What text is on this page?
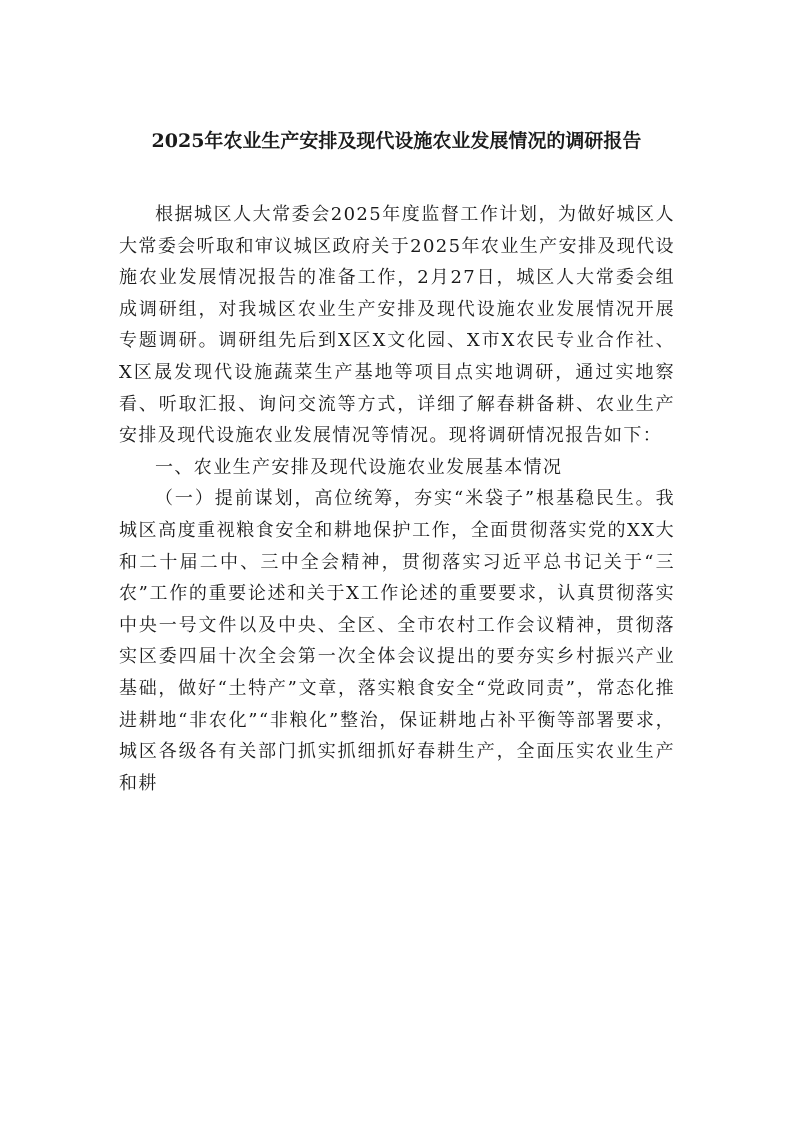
2025年农业生产安排及现代设施农业发展情况的调研报告

根据城区人大常委会2025年度监督工作计划，为做好城区人大常委会听取和审议城区政府关于2025年农业生产安排及现代设施农业发展情况报告的准备工作，2月27日，城区人大常委会组成调研组，对我城区农业生产安排及现代设施农业发展情况开展专题调研。调研组先后到X区X文化园、X市X农民专业合作社、X区晟发现代设施蔬菜生产基地等项目点实地调研，通过实地察看、听取汇报、询问交流等方式，详细了解春耕备耕、农业生产安排及现代设施农业发展情况等情况。现将调研情况报告如下：

一、农业生产安排及现代设施农业发展基本情况

（一）提前谋划，高位统筹，夯实“米袋子”根基稳民生。我城区高度重视粮食安全和耕地保护工作，全面贯彻落实党的XX大和二十届二中、三中全会精神，贯彻落实习近平总书记关于“三农”工作的重要论述和关于X工作论述的重要要求，认真贯彻落实中央一号文件以及中央、全区、全市农村工作会议精神，贯彻落实区委四届十次全会第一次全体会议提出的要夯实乡村振兴产业基础，做好“土特产”文章，落实粮食安全“党政同责”，常态化推进耕地“非农化”“非粮化”整治，保证耕地占补平衡等部署要求，城区各级各有关部门抓实抓细抓好春耕生产，全面压实农业生产和耕
